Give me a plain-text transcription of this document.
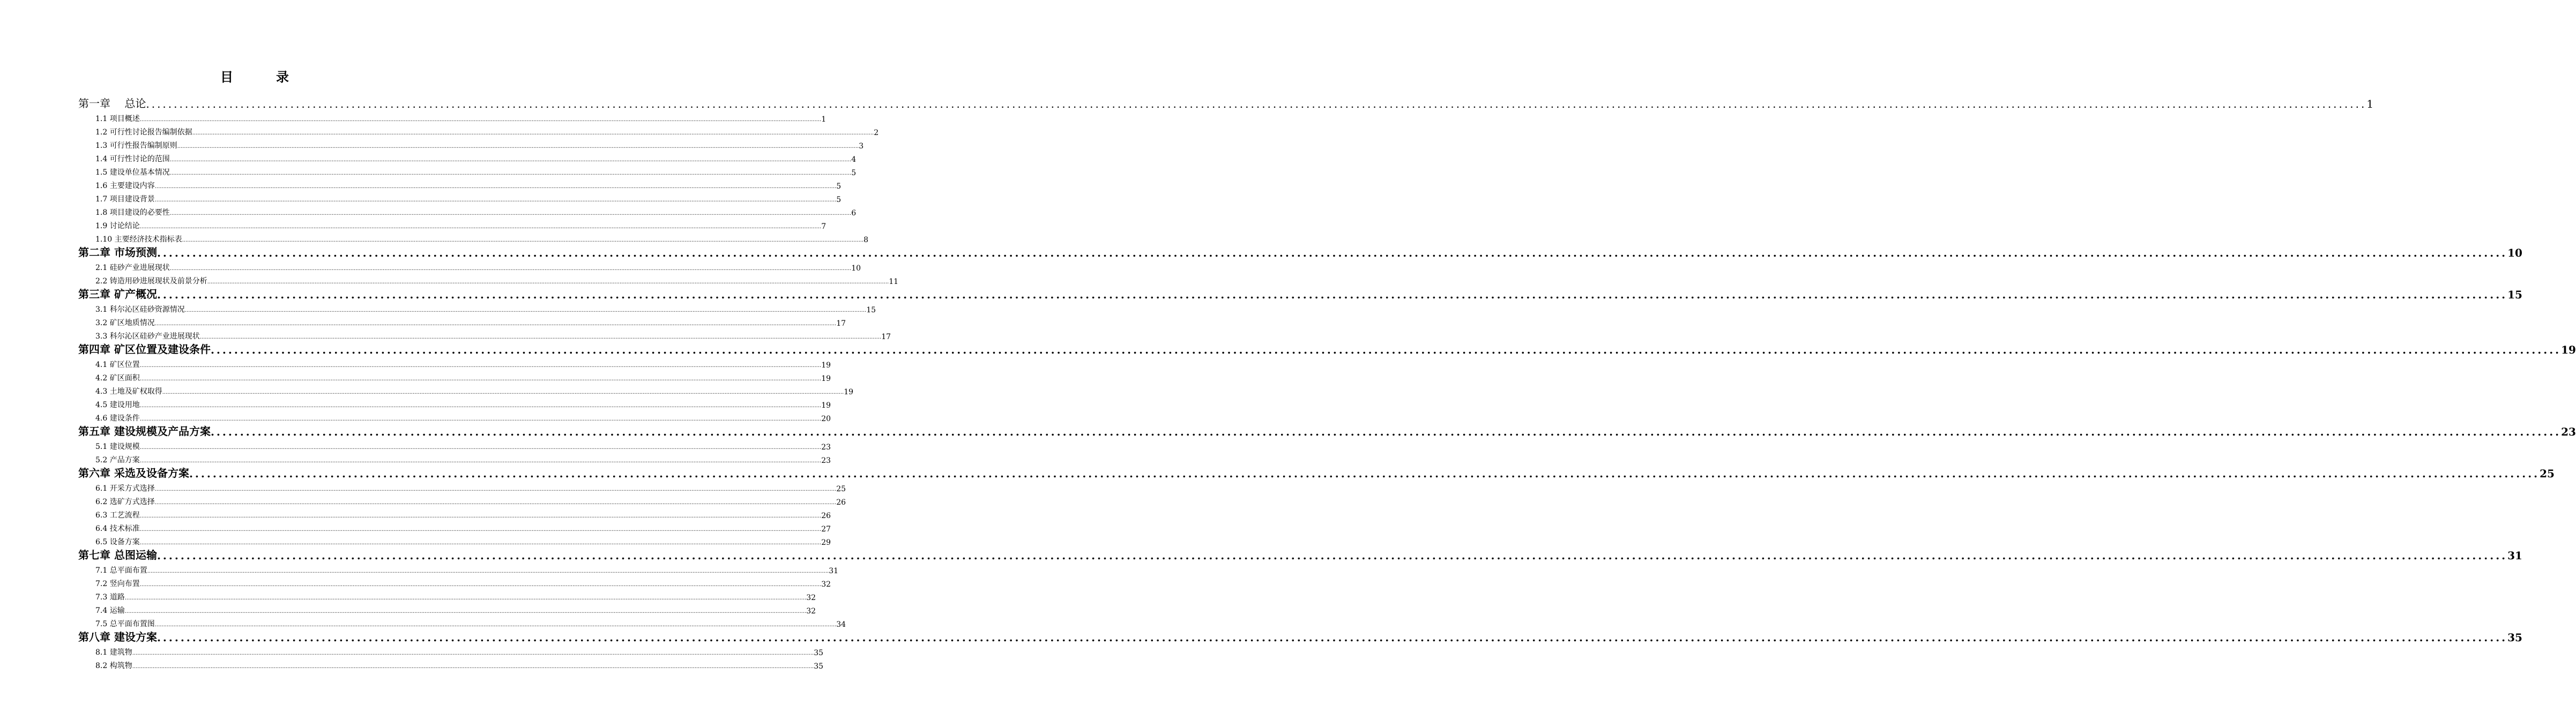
目　录
第一章　 总论 ................................................................................................................................................................................................................................................................................................................................................................................................................ 1
1.1 项目概述 ................................................................................................................................................................................................................................................................................................................................................................................................................ 1
1.2 可行性讨论报告编制依据 ................................................................................................................................................................................................................................................................................................................................................................................................................ 2
1.3 可行性报告编制原则 ................................................................................................................................................................................................................................................................................................................................................................................................................ 3
1.4 可行性讨论的范围 ................................................................................................................................................................................................................................................................................................................................................................................................................ 4
1.5 建设单位基本情况 ................................................................................................................................................................................................................................................................................................................................................................................................................ 5
1.6 主要建设内容 ................................................................................................................................................................................................................................................................................................................................................................................................................ 5
1.7 项目建设背景 ................................................................................................................................................................................................................................................................................................................................................................................................................ 5
1.8 项目建设的必要性 ................................................................................................................................................................................................................................................................................................................................................................................................................ 6
1.9 讨论结论 ................................................................................................................................................................................................................................................................................................................................................................................................................ 7
1.10 主要经济技术指标表 ................................................................................................................................................................................................................................................................................................................................................................................................................ 8
第二章 市场预测 ................................................................................................................................................................................................................................................................................................................................................................................................................ 10
2.1 硅砂产业进展现状 ................................................................................................................................................................................................................................................................................................................................................................................................................ 10
2.2 铸造用砂进展现状及前景分析 ................................................................................................................................................................................................................................................................................................................................................................................................................ 11
第三章 矿产概况 ................................................................................................................................................................................................................................................................................................................................................................................................................ 15
3.1 科尔沁区硅砂资源情况 ................................................................................................................................................................................................................................................................................................................................................................................................................ 15
3.2 矿区地质情况 ................................................................................................................................................................................................................................................................................................................................................................................................................ 17
3.3 科尔沁区硅砂产业进展现状 ................................................................................................................................................................................................................................................................................................................................................................................................................ 17
第四章 矿区位置及建设条件 ................................................................................................................................................................................................................................................................................................................................................................................................................ 19
4.1 矿区位置 ................................................................................................................................................................................................................................................................................................................................................................................................................ 19
4.2 矿区面积 ................................................................................................................................................................................................................................................................................................................................................................................................................ 19
4.3 土地及矿权取得 ................................................................................................................................................................................................................................................................................................................................................................................................................ 19
4.5 建设用地 ................................................................................................................................................................................................................................................................................................................................................................................................................ 19
4.6 建设条件 ................................................................................................................................................................................................................................................................................................................................................................................................................ 20
第五章 建设规模及产品方案 ................................................................................................................................................................................................................................................................................................................................................................................................................ 23
5.1 建设规模 ................................................................................................................................................................................................................................................................................................................................................................................................................ 23
5.2 产品方案 ................................................................................................................................................................................................................................................................................................................................................................................................................ 23
第六章 采选及设备方案 ................................................................................................................................................................................................................................................................................................................................................................................................................ 25
6.1 开采方式选择 ................................................................................................................................................................................................................................................................................................................................................................................................................ 25
6.2 选矿方式选择 ................................................................................................................................................................................................................................................................................................................................................................................................................ 26
6.3 工艺流程 ................................................................................................................................................................................................................................................................................................................................................................................................................ 26
6.4 技术标准 ................................................................................................................................................................................................................................................................................................................................................................................................................ 27
6.5 设备方案 ................................................................................................................................................................................................................................................................................................................................................................................................................ 29
第七章 总图运输 ................................................................................................................................................................................................................................................................................................................................................................................................................ 31
7.1 总平面布置 ................................................................................................................................................................................................................................................................................................................................................................................................................ 31
7.2 竖向布置 ................................................................................................................................................................................................................................................................................................................................................................................................................ 32
7.3 道路 ................................................................................................................................................................................................................................................................................................................................................................................................................ 32
7.4 运输 ................................................................................................................................................................................................................................................................................................................................................................................................................ 32
7.5 总平面布置图 ................................................................................................................................................................................................................................................................................................................................................................................................................ 34
第八章 建设方案 ................................................................................................................................................................................................................................................................................................................................................................................................................ 35
8.1 建筑物 ................................................................................................................................................................................................................................................................................................................................................................................................................ 35
8.2 构筑物 ................................................................................................................................................................................................................................................................................................................................................................................................................ 35
